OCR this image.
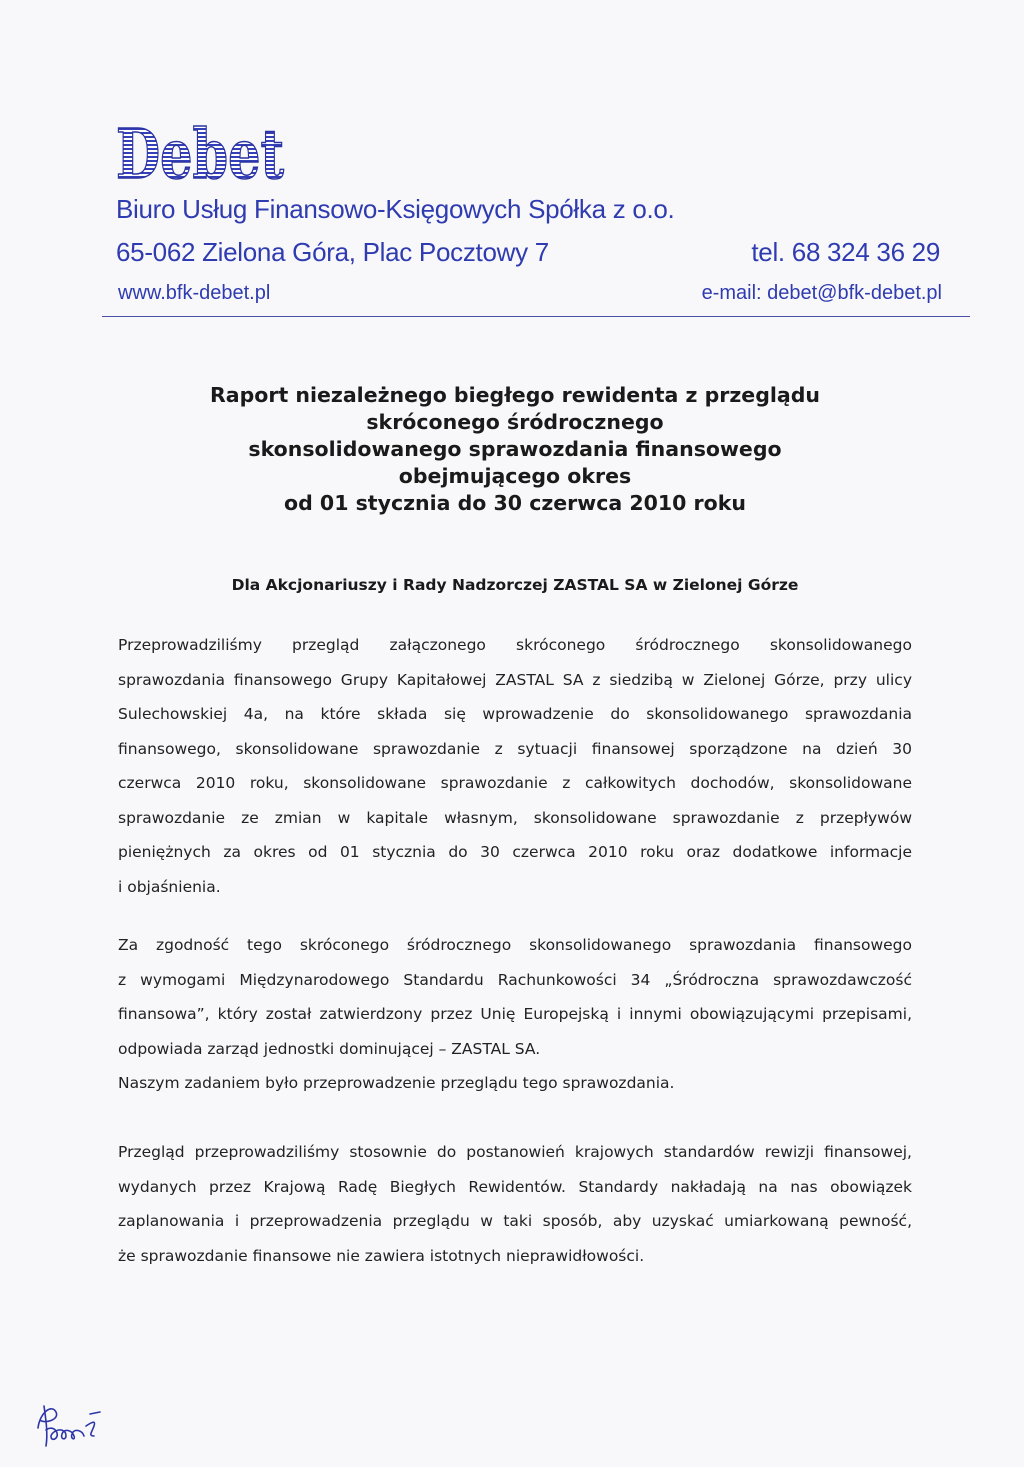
Debet
Biuro Usług Finansowo-Księgowych Spółka z o.o.
65-062 Zielona Góra, Plac Pocztowy 7	tel. 68 324 36 29
www.bfk-debet.pl	e-mail: debet@bfk-debet.pl
Raport niezależnego biegłego rewidenta z przeglądu
skróconego śródrocznego
skonsolidowanego sprawozdania finansowego
obejmującego okres
od 01 stycznia do 30 czerwca 2010 roku
Dla Akcjonariuszy i Rady Nadzorczej ZASTAL SA w Zielonej Górze
Przeprowadziliśmy przegląd załączonego skróconego śródrocznego skonsolidowanego
sprawozdania finansowego Grupy Kapitałowej ZASTAL SA z siedzibą w Zielonej Górze, przy ulicy
Sulechowskiej 4a, na które składa się wprowadzenie do skonsolidowanego sprawozdania
finansowego, skonsolidowane sprawozdanie z sytuacji finansowej sporządzone na dzień 30
czerwca 2010 roku, skonsolidowane sprawozdanie z całkowitych dochodów, skonsolidowane
sprawozdanie ze zmian w kapitale własnym, skonsolidowane sprawozdanie z przepływów
pieniężnych za okres od 01 stycznia do 30 czerwca 2010 roku oraz dodatkowe informacje
i objaśnienia.
Za zgodność tego skróconego śródrocznego skonsolidowanego sprawozdania finansowego
z wymogami Międzynarodowego Standardu Rachunkowości 34 „Śródroczna sprawozdawczość
finansowa”, który został zatwierdzony przez Unię Europejską i innymi obowiązującymi przepisami,
odpowiada zarząd jednostki dominującej – ZASTAL SA.
Naszym zadaniem było przeprowadzenie przeglądu tego sprawozdania.
Przegląd przeprowadziliśmy stosownie do postanowień krajowych standardów rewizji finansowej,
wydanych przez Krajową Radę Biegłych Rewidentów. Standardy nakładają na nas obowiązek
zaplanowania i przeprowadzenia przeglądu w taki sposób, aby uzyskać umiarkowaną pewność,
że sprawozdanie finansowe nie zawiera istotnych nieprawidłowości.
